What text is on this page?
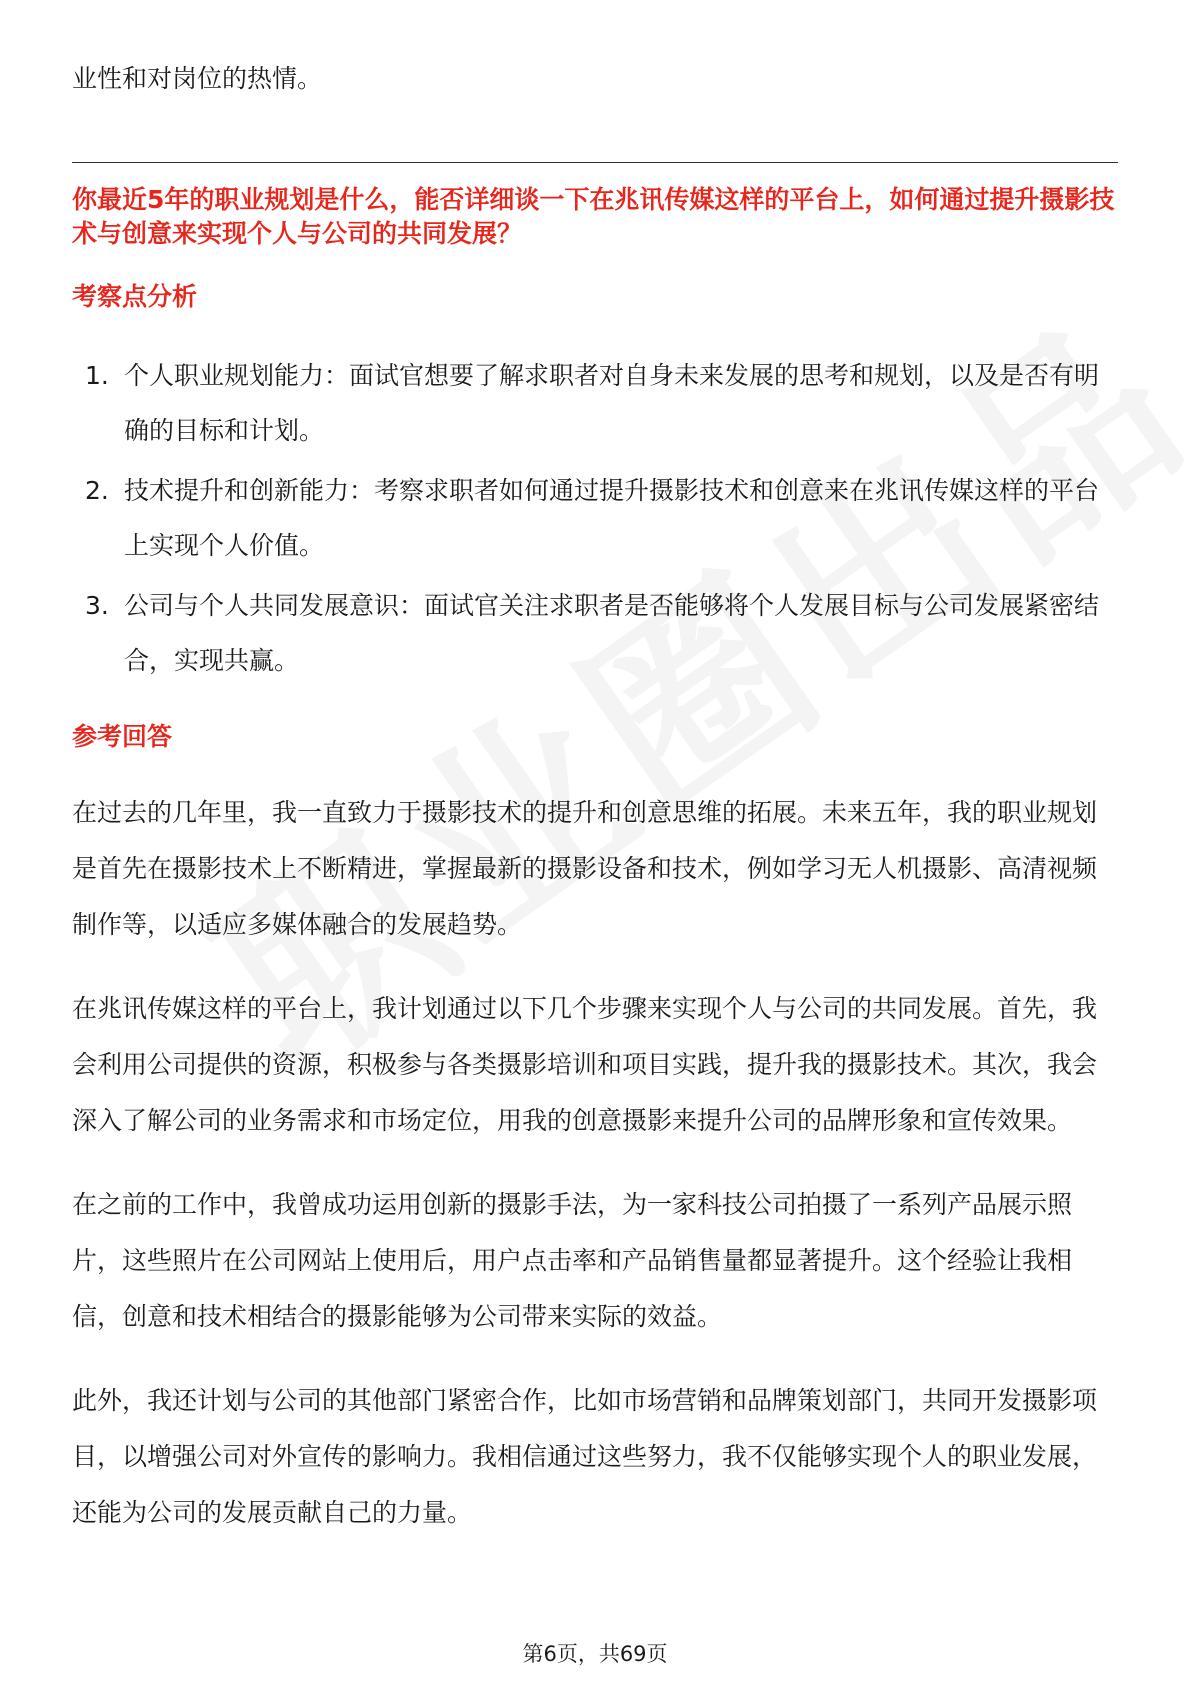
业性和对岗位的热情。

你最近5年的职业规划是什么，能否详细谈一下在兆讯传媒这样的平台上，如何通过提升摄影技术与创意来实现个人与公司的共同发展？
考察点分析
1. 个人职业规划能力：面试官想要了解求职者对自身未来发展的思考和规划，以及是否有明确的目标和计划。
2. 技术提升和创新能力：考察求职者如何通过提升摄影技术和创意来在兆讯传媒这样的平台上实现个人价值。
3. 公司与个人共同发展意识：面试官关注求职者是否能够将个人发展目标与公司发展紧密结合，实现共赢。
参考回答

在过去的几年里，我一直致力于摄影技术的提升和创意思维的拓展。未来五年，我的职业规划是首先在摄影技术上不断精进，掌握最新的摄影设备和技术，例如学习无人机摄影、高清视频制作等，以适应多媒体融合的发展趋势。

在兆讯传媒这样的平台上，我计划通过以下几个步骤来实现个人与公司的共同发展。首先，我会利用公司提供的资源，积极参与各类摄影培训和项目实践，提升我的摄影技术。其次，我会深入了解公司的业务需求和市场定位，用我的创意摄影来提升公司的品牌形象和宣传效果。

在之前的工作中，我曾成功运用创新的摄影手法，为一家科技公司拍摄了一系列产品展示照片，这些照片在公司网站上使用后，用户点击率和产品销售量都显著提升。这个经验让我相信，创意和技术相结合的摄影能够为公司带来实际的效益。

此外，我还计划与公司的其他部门紧密合作，比如市场营销和品牌策划部门，共同开发摄影项目，以增强公司对外宣传的影响力。我相信通过这些努力，我不仅能够实现个人的职业发展，还能为公司的发展贡献自己的力量。

第6页，共69页
